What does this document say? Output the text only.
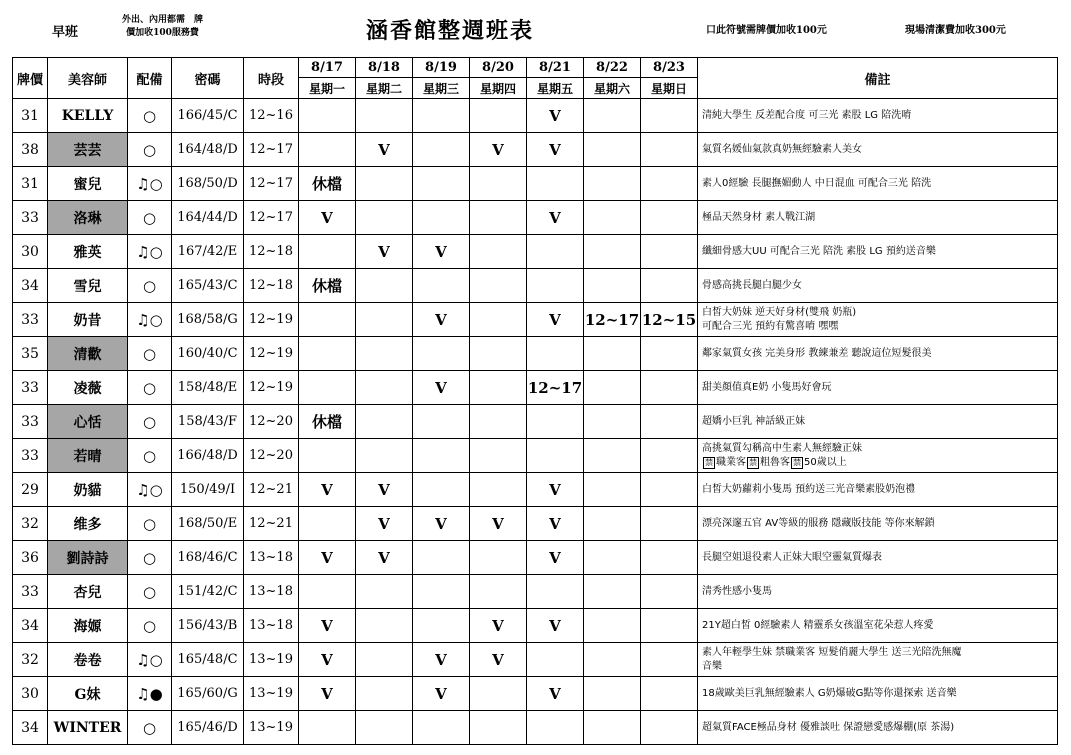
早班
外出、內用都需　牌
價加收100服務費	涵香館整週班表	口此符號需牌價加收100元	現場清潔費加收300元
牌價	美容師	配備	密碼	時段	8/17	8/18	8/19	8/20	8/21	8/22	8/23	備註
					星期一	星期二	星期三	星期四	星期五	星期六	星期日	
31	KELLY	○	166/45/C	12~16					V			清純大學生 反差配合度 可三光 素股 LG 陪洗唷

38	芸芸	○	164/48/D	12~17		V		V	V			氣質名媛仙氣款真奶無經驗素人美女

31	蜜兒	♫○	168/50/D	12~17	休檔							素人0經驗 長腿撫媚動人 中日混血 可配合三光 陪洗

33	洛琳	○	164/44/D	12~17	V				V			極品天然身材 素人戰江湖

30	雅英	♫○	167/42/E	12~18		V	V					纖細骨感大UU 可配合三光 陪洗 素股 LG 預約送音樂

34	雪兒	○	165/43/C	12~18	休檔							骨感高挑長腿白腿少女

33	奶昔	♫○	168/58/G	12~19			V		V	12~17	12~15	白皙大奶妹 逆天好身材(雙飛 奶瓶)
可配合三光 預約有驚喜唷 嘿嘿

35	清歡	○	160/40/C	12~19								鄰家氣質女孩 完美身形 教練兼差 聽說這位短髮很美

33	凌薇	○	158/48/E	12~19			V		12~17			甜美顏值真E奶 小隻馬好會玩

33	心恬	○	158/43/F	12~20	休檔							超嬌小巨乳 神話級正妹

33	若晴	○	166/48/D	12~20								高挑氣質勾稱高中生素人無經驗正妹
禁 職業客 禁 粗魯客 禁 50歲以上

29	奶貓	♫○	150/49/I	12~21	V	V			V			白皙大奶蘿莉小隻馬 預約送三光音樂素股奶泡禮

32	维多	○	168/50/E	12~21		V	V	V	V			漂亮深邃五官 AV等級的服務 隱藏版技能 等你來解鎖

36	劉詩詩	○	168/46/C	13~18	V	V			V			長腿空姐退役素人正妹大眼空靈氣質爆表

33	杏兒	○	151/42/C	13~18								清秀性感小隻馬

34	海嫄	○	156/43/B	13~18	V			V	V			21Y超白皙 0經驗素人 精靈系女孩溫室花朵惹人疼愛

32	卷卷	♫○	165/48/C	13~19	V		V	V				素人年輕學生妹 禁職業客 短髮俏麗大學生 送三光陪洗無魔
音樂

30	G妹	♫●	165/60/G	13~19	V		V		V			18歲歐美巨乳無經驗素人 G奶爆破G點等你還探索 送音樂

34	WINTER	○	165/46/D	13~19								超氣質FACE極品身材 優雅談吐 保證戀愛感爆棚(原 茶湯)
